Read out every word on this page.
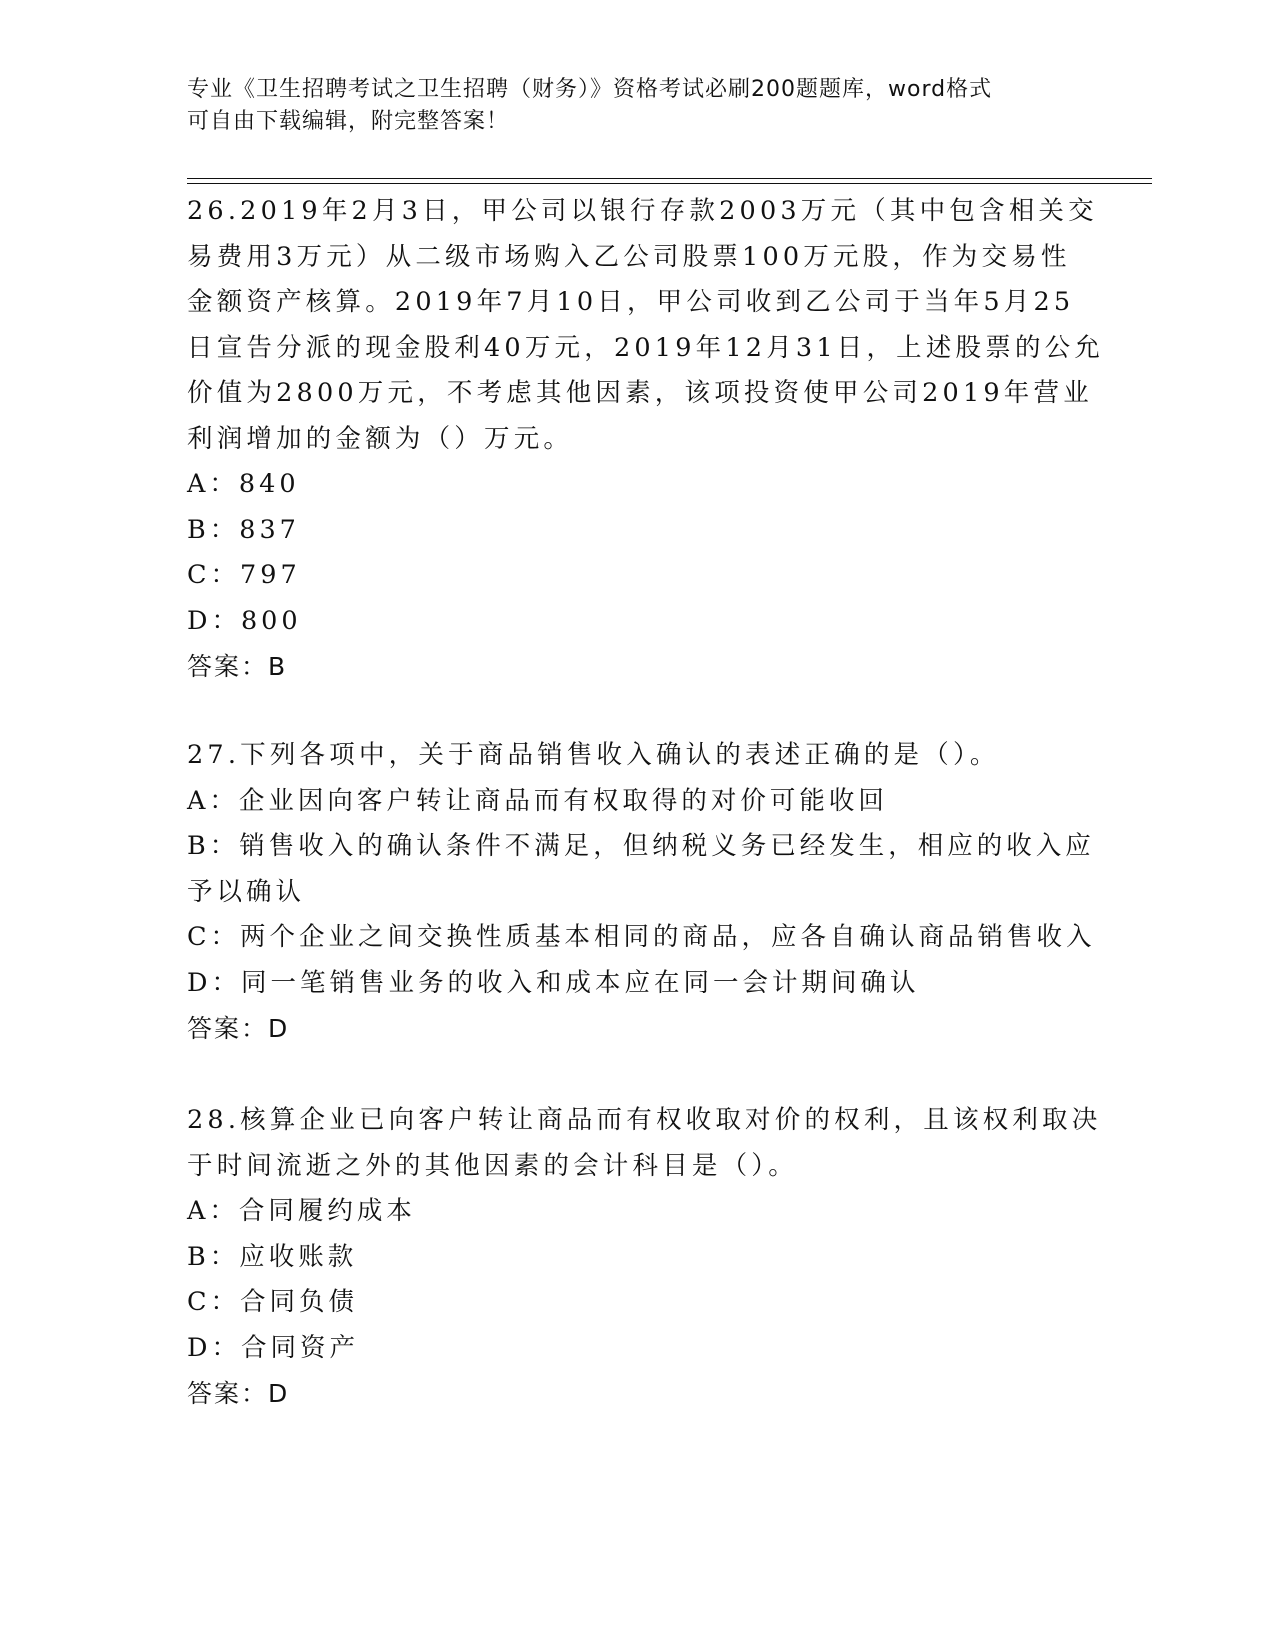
专业《卫生招聘考试之卫生招聘（财务）》资格考试必刷200题题库，word格式
可自由下载编辑，附完整答案！
26.2019年2月3日，甲公司以银行存款2003万元（其中包含相关交
易费用3万元）从二级市场购入乙公司股票100万元股，作为交易性
金额资产核算。2019年7月10日，甲公司收到乙公司于当年5月25
日宣告分派的现金股利40万元，2019年12月31日，上述股票的公允
价值为2800万元，不考虑其他因素，该项投资使甲公司2019年营业
利润增加的金额为（）万元。
A：840
B：837
C：797
D：800
答案：B
27.下列各项中，关于商品销售收入确认的表述正确的是（）。
A：企业因向客户转让商品而有权取得的对价可能收回
B：销售收入的确认条件不满足，但纳税义务已经发生，相应的收入应
予以确认
C：两个企业之间交换性质基本相同的商品，应各自确认商品销售收入
D：同一笔销售业务的收入和成本应在同一会计期间确认
答案：D
28.核算企业已向客户转让商品而有权收取对价的权利，且该权利取决
于时间流逝之外的其他因素的会计科目是（）。
A：合同履约成本
B：应收账款
C：合同负债
D：合同资产
答案：D
